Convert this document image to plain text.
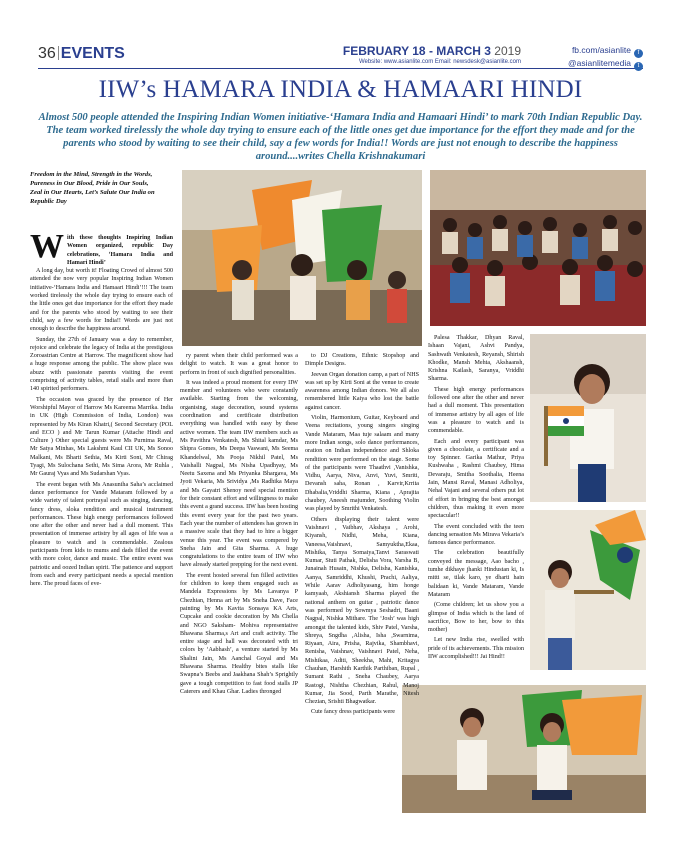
36 EVENTS	FEBRUARY 18 - MARCH 3 2019
Website: www.asianlite.com Email: newsdesk@asianlite.com
fb.com/asianlite f
@asianlitemedia t
IIW’s HAMARA INDIA & HAMAARI HINDI
Almost 500 people attended the Inspiring Indian Women initiative-‘Hamara India and Hamaari Hindi’ to mark 70th Indian Republic Day. The team worked tirelessly the whole day trying to ensure each of the little ones get due importance for the effort they made and for the parents who stood by waiting to see their child, say a few words for India!! Words are just not enough to describe the happiness around....writes Chella Krishnakumari
Freedom in the Mind, Strength in the Words,
Pureness in Our Blood, Pride in Our Souls,
Zeal in Our Hearts, Let’s Salute Our India on Republic Day
With these thoughts Inspiring Indian Women organized, republic Day celebrations, ‘Hamara India and Hamari Hindi’

A long day, but worth it! Floating Crowd of almost 500 attended the now very popular Inspiring Indian Women initiative-‘Hamara India and Hamaari Hindi’!!! The team worked tirelessly the whole day trying to ensure each of the little ones get due importance for the effort they made and for the parents who stood by waiting to see their child, say a few words for India!! Words are just not enough to describe the happiness around.

Sunday, the 27th of January was a day to remember, rejoice and celebrate the legacy of India at the prestigious Zoroastrian Centre at Harrow. The magnificent show had a huge response among the public. The show place was abuzz with passionate parents visiting the event comprising of activity tables, retail stalls and more than 140 spirited performers.

The occasion was graced by the presence of Her Worshipful Mayor of Harrow Ms Kareema Marrika. India in UK (High Commission of India, London) was represented by Ms Kiran Khatri,( Second Secretary (POL and ECO ) and Mr Tarun Kumar (Attache Hindi and Culture ) Other special guests were Ms Purnima Raval, Mr Satya Minhas, Ms Lakshmi Kaul CII UK, Ms Sonoo Malkani, Ms Bharti Sethia, Ms Kirti Soni, Mr Chirag Tyagi, Ms Sulochana Sethi, Ms Sima Arora, Mr Ruhla , Mr Gauraj Vyas and Ms Sudarshan Vyas.

The event began with Ms Anasuniha Saha’s acclaimed dance performance for Vande Mataram followed by a wide variety of talent portrayal such as singing, dancing, fancy dress, sloka rendition and musical instrument performances. These high energy performances followed one after the other and never had a dull moment. This presentation of immense artistry by all ages of life was a pleasure to watch and is commendable. Zealous participants from kids to mums and dads filled the event with more color, dance and music. The entire event was patriotic and oozed Indian spirit. The patience and support from each and every participant needs a special mention here. The proud faces of eve-

ry parent when their child performed was a delight to watch. It was a great honor to perform in front of such dignified personalities.

It was indeed a proud moment for every IIW member and volunteers who were constantly available. Starting from the welcoming, organising, stage decoration, sound systems coordination and certificate distribution everything was handled with easy by these active women. The team IIW members such as Ms Pavithra Venkatesh, Ms Shital kamdar, Ms Shipra Gomes, Ms Deepa Vaswani, Ms Seema Khandelwal, Ms Pooja Nikhil Patel, Ms Vaishalli Nagpal, Ms Nisha Upadhyay, Ms Neetu Saxena and Ms Priyanka Bhargava, Ms Jyoti Vekaria, Ms Srividya ,Ms Radhika Maya and Ms Gayatri Shenoy need special mention for their constant effort and willingness to make this event a grand success. IIW has been hosting this event every year for the past two years. Each year the number of attendees has grown in a massive scale that they had to hire a bigger venue this year. The event was compered by Sneha Jain and Gita Sharma. A huge congratulations to the entire team of IIW who have already started prepping for the next event.

The event hosted several fun filled activities for children to keep them engaged such as Mandela Expressions by Ms Lavanya P Chezhian, Henna art by Ms Sneha Dave, Face painting by Ms Kavita Sonsaya KA Arts, Cupcake and cookie decoration by Ms Chella and NGO Saksham- Mohiva representative Bhawana Sharma,s Art and craft activity. The entire stage and hall was decorated with tri colors by ‘Aabhash’, a venture started by Ms Shalini Jain, Ms Aanchal Goyal and Ms Bhawana Sharma. Healthy bites stalls like Swapna’s Beebs and Jaakhana Shah’s Sprightly gave a tough competition to fast food stalls JP Caterers and Khau Ghar. Ladies thronged

to DJ Creations, Ethnic Stopshop and Dimple Designs.

Jeevan Organ donation camp, a part of NHS was set up by Kirti Soni at the venue to create awareness among Indian donors. We all also remembered little Kaiya who lost the battle against cancer.

Violin, Harmonium, Guitar, Keyboard and Veena recitations, young singers singing Vande Mataram, Maa tuje salaam and many more Indian songs, solo dance performances, oration on Indian independence and Shloka rendition were performed on the stage. Some of the participants were Thaathvi ,Vanishka, Vidhu, Aarya, Niva, Anvi, Yuvi, Smriti, Devansh saha, Ronan , Karvir,Krrita Dhabalia,Vriddhi Sharma, Kiana , Aprajita chaubey, Aneesh majumder, Soothing Violin was played by Smrithi Venkatesh.

Others displaying their talent were Vaishnavi , Vaibhav, Akshaya , Arohi, Kiyansh, Nidhi, Meha, Kiana, Vaneesa,Vaishnavi, Samyuktha,Ekaa, Mishika, Tanya Somaiya,Tanvi Saraswati Kumar, Stuti Pathak, Delisha Vora, Varsha B, Junainah Husain, Nishka, Delisha, Kanishka, Aanya, Samriddhi, Khushi, Prachi, Aaliya, While Aarav Adholiyasang, him honge kamyaab, Akshiansh Sharma played the national anthem on guitar , patriotic dance was performed by Sowmya Seshadri, Baani Nagpal, Nishka Mithare. The ‘Josh’ was high amongst the talented kids, Shiv Patel, Varsha, Shreya, Sngdha ,Alisha, Isha ,Swarnima, Riyaan, Aira, Prisha, Rajvika, Shambhavi, Renisha, Vaishnav, Vaishnavi Patel, Neha, Mishikaa, Aditi, Sheekha, Mahi, Kritagya Chauhan, Harshith Karthik Parthiban, Rupal , Sumant Rathi , Sneha Chaubey, Aarya Rastogi, Nishtha Chezhian, Rahul, Manoj Kumar, Jia Sood, Parth Marathe, Nitesh Chezian, Srishti Bhagwatkar.

Cute fancy dress participants were

Palesa Thakkar, Dhyan Raval, Ishaan Vajani, Ashvi Pandya, Sashwath Venkatesh, Reyansh, Shirish Khodke, Mansh Mehta, Akshaansh, Krishna Kailash, Saranya, Vriddhi Sharma.

These high energy performances followed one after the other and never had a dull moment. This presentation of immense artistry by all ages of life was a pleasure to watch and is commendable.

Each and every participant was given a chocolate, a certificate and a toy Spinner. Garika Mathur, Priya Kushwaha , Rashmi Chaubey, Hima Devaraju, Smitha Soothalia, Heena Jain, Mansi Raval, Manasi Adholiya, Nehal Vajani and several others put lot of effort in bringing the best amongst children, thus making it even more spectacular!!

The event concluded with the teen dancing sensation Ms Mirava Vekaria’s famous dance performance.

The celebration beautifully conveyed the message, Aao bacho , tumhe dikhaye jhanki Hindustan ki, Is mitti se, tilak karo, ye dharti hain balidaan ki, Vande Mataram, Vande Mataram

(Come children; let us show you a glimpse of India which is the land of sacrifice, Bow to her, bow to this mother)

Let new India rise, swelled with pride of its achievements. This mission IIW accomplished!!! Jai Hind!!
